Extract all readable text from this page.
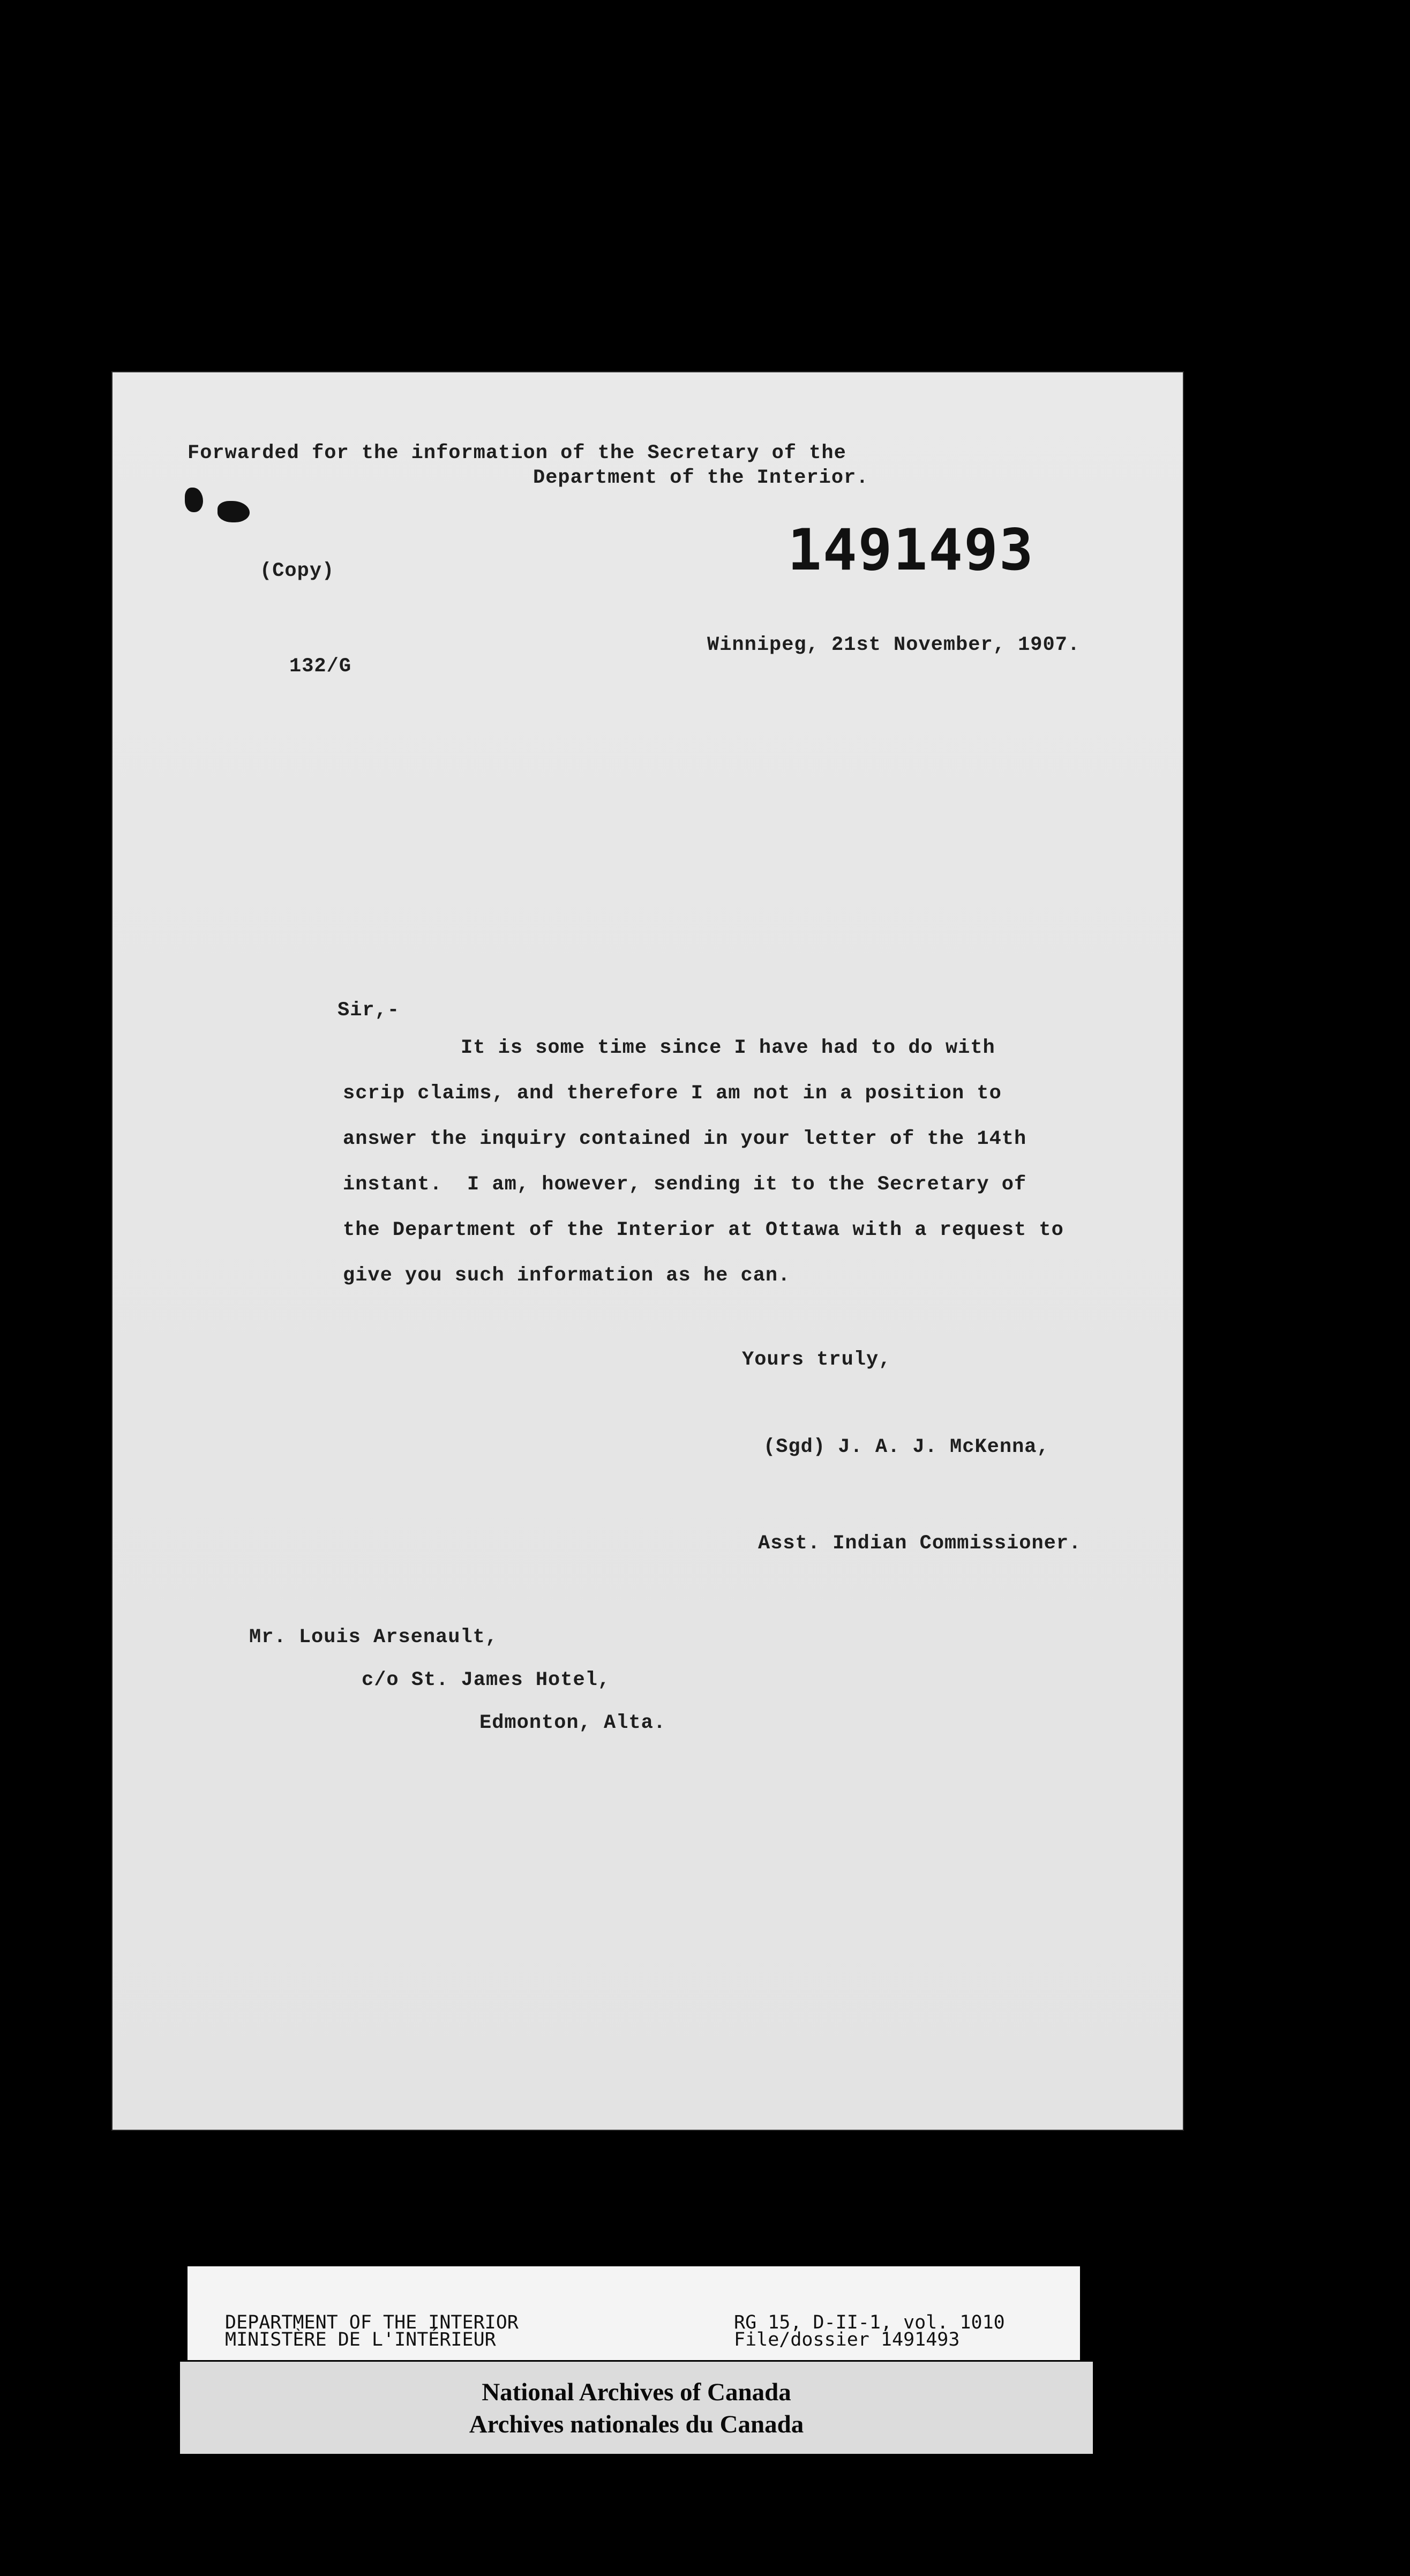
Forwarded for the information of the Secretary of the
Department of the Interior.
1491493
(Copy)
Winnipeg, 21st November, 1907.
132/G
Sir,-
It is some time since I have had to do with
scrip claims, and therefore I am not in a position to
answer the inquiry contained in your letter of the 14th
instant.  I am, however, sending it to the Secretary of
the Department of the Interior at Ottawa with a request to
give you such information as he can.
Yours truly,
(Sgd) J. A. J. McKenna,
Asst. Indian Commissioner.
Mr. Louis Arsenault,
c/o St. James Hotel,
Edmonton, Alta.
DEPARTMENT OF THE INTERIOR
MINISTÈRE DE L'INTÉRIEUR
RG 15, D-II-1, vol. 1010
File/dossier 1491493
National Archives of Canada
Archives nationales du Canada
